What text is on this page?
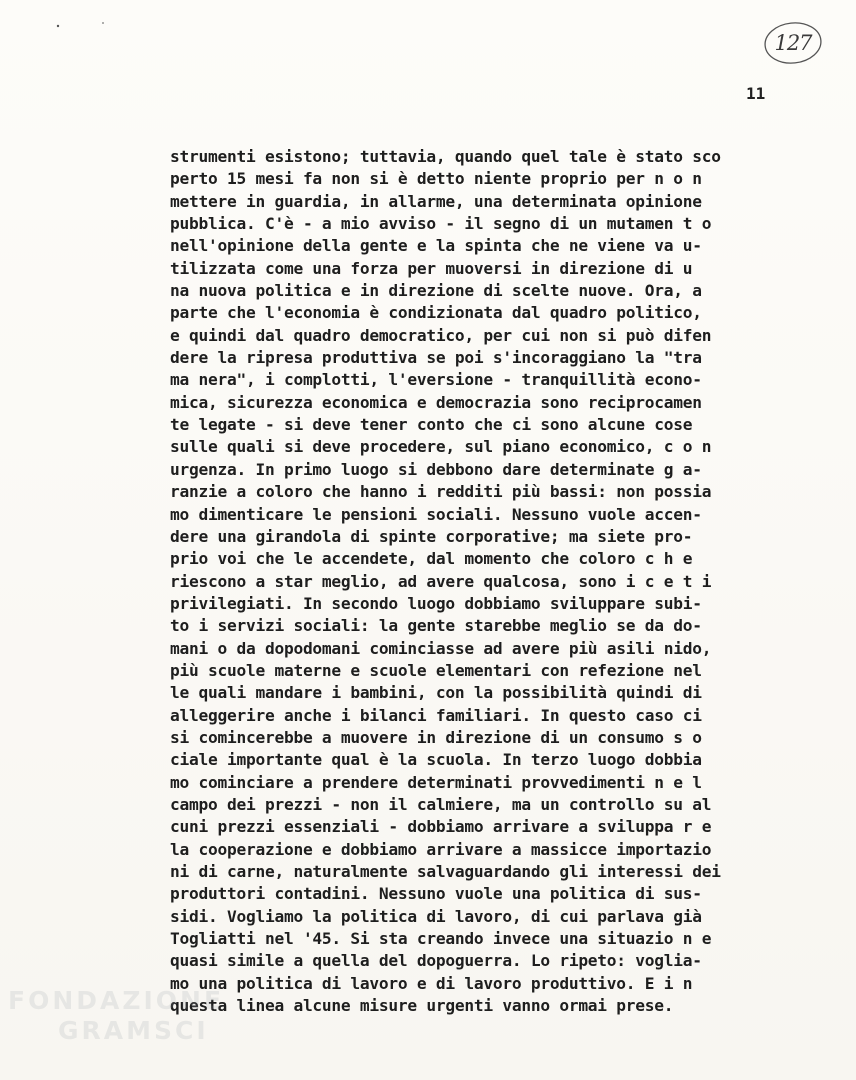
127
11
strumenti esistono; tuttavia, quando quel tale è stato sco
perto 15 mesi fa non si è detto niente proprio per n o n
mettere in guardia, in allarme, una determinata opinione
pubblica. C'è - a mio avviso - il segno di un mutamen t o
nell'opinione della gente e la spinta che ne viene va u-
tilizzata come una forza per muoversi in direzione di u
na nuova politica e in direzione di scelte nuove. Ora, a
parte che l'economia è condizionata dal quadro politico,
e quindi dal quadro democratico, per cui non si può difen
dere la ripresa produttiva se poi s'incoraggiano la "tra
ma nera", i complotti, l'eversione - tranquillità econo-
mica, sicurezza economica e democrazia sono reciprocamen
te legate - si deve tener conto che ci sono alcune cose
sulle quali si deve procedere, sul piano economico, c o n
urgenza. In primo luogo si debbono dare determinate g a-
ranzie a coloro che hanno i redditi più bassi: non possia
mo dimenticare le pensioni sociali. Nessuno vuole accen-
dere una girandola di spinte corporative; ma siete pro-
prio voi che le accendete, dal momento che coloro c h e
riescono a star meglio, ad avere qualcosa, sono i c e t i
privilegiati. In secondo luogo dobbiamo sviluppare subi-
to i servizi sociali: la gente starebbe meglio se da do-
mani o da dopodomani cominciasse ad avere più asili nido,
più scuole materne e scuole elementari con refezione nel
le quali mandare i bambini, con la possibilità quindi di
alleggerire anche i bilanci familiari. In questo caso ci
si comincerebbe a muovere in direzione di un consumo s o
ciale importante qual è la scuola. In terzo luogo dobbia
mo cominciare a prendere determinati provvedimenti n e l
campo dei prezzi - non il calmiere, ma un controllo su al
cuni prezzi essenziali - dobbiamo arrivare a sviluppa r e
la cooperazione e dobbiamo arrivare a massicce importazio
ni di carne, naturalmente salvaguardando gli interessi dei
produttori contadini. Nessuno vuole una politica di sus-
sidi. Vogliamo la politica di lavoro, di cui parlava già
Togliatti nel '45. Si sta creando invece una situazio n e
quasi simile a quella del dopoguerra. Lo ripeto: voglia-
mo una politica di lavoro e di lavoro produttivo. E i n
questa linea alcune misure urgenti vanno ormai prese.
FONDAZIONE
GRAMSCI
